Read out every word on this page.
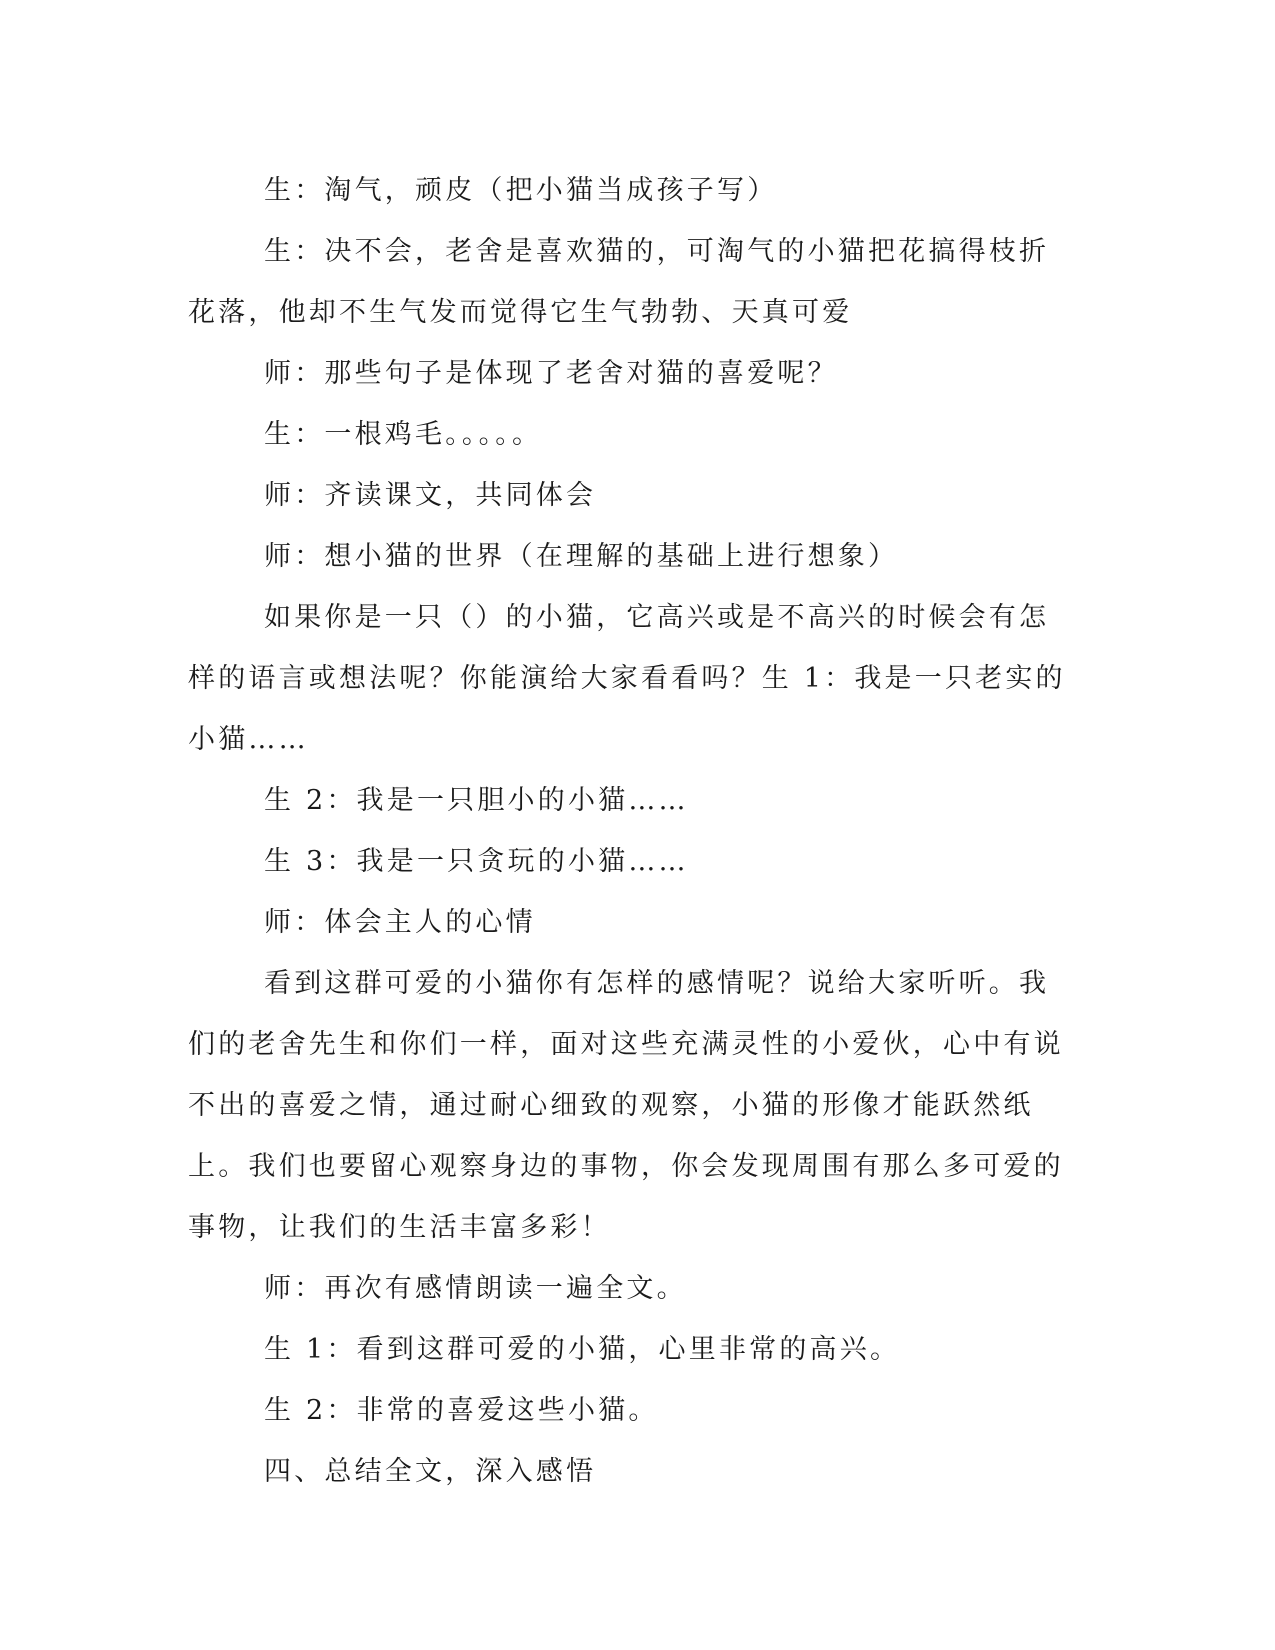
生：淘气，顽皮（把小猫当成孩子写）

生：决不会，老舍是喜欢猫的，可淘气的小猫把花搞得枝折花落，他却不生气发而觉得它生气勃勃、天真可爱

师：那些句子是体现了老舍对猫的喜爱呢？

生：一根鸡毛。。。。。

师：齐读课文，共同体会

师：想小猫的世界（在理解的基础上进行想象）

如果你是一只（）的小猫，它高兴或是不高兴的时候会有怎样的语言或想法呢？你能演给大家看看吗？生 1：我是一只老实的小猫……

生 2：我是一只胆小的小猫……

生 3：我是一只贪玩的小猫……

师：体会主人的心情

看到这群可爱的小猫你有怎样的感情呢？说给大家听听。我们的老舍先生和你们一样，面对这些充满灵性的小爱伙，心中有说不出的喜爱之情，通过耐心细致的观察，小猫的形像才能跃然纸上。我们也要留心观察身边的事物，你会发现周围有那么多可爱的事物，让我们的生活丰富多彩！

师：再次有感情朗读一遍全文。

生 1：看到这群可爱的小猫，心里非常的高兴。

生 2：非常的喜爱这些小猫。

四、总结全文，深入感悟
